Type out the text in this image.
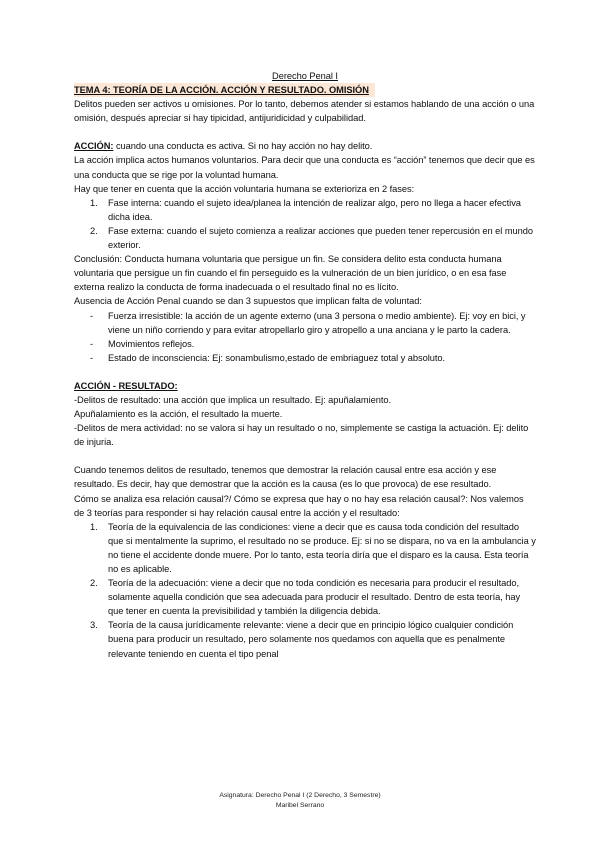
Derecho Penal I

TEMA 4: TEORÍA DE LA ACCIÓN. ACCIÓN Y RESULTADO. OMISIÓN

Delitos pueden ser activos u omisiones. Por lo tanto, debemos atender si estamos hablando de una acción o una omisión, después apreciar si hay tipicidad, antijuridicidad y culpabilidad.

ACCIÓN: cuando una conducta es activa. Si no hay acción no hay delito.

La acción implica actos humanos voluntarios. Para decir que una conducta es “acción” tenemos que decir que es una conducta que se rige por la voluntad humana.

Hay que tener en cuenta que la acción voluntaria humana se exterioriza en 2 fases:

1. Fase interna: cuando el sujeto idea/planea la intención de realizar algo, pero no llega a hacer efectiva dicha idea.
2. Fase externa: cuando el sujeto comienza a realizar acciones que pueden tener repercusión en el mundo exterior.

Conclusión: Conducta humana voluntaria que persigue un fin. Se considera delito esta conducta humana voluntaria que persigue un fin cuando el fin perseguido es la vulneración de un bien jurídico, o en esa fase externa realizo la conducta de forma inadecuada o el resultado final no es lícito.

Ausencia de Acción Penal cuando se dan 3 supuestos que implican falta de voluntad:

- Fuerza irresistible: la acción de un agente externo (una 3 persona o medio ambiente). Ej: voy en bici, y viene un niño corriendo y para evitar atropellarlo giro y atropello a una anciana y le parto la cadera.
- Movimientos reflejos.
- Estado de inconsciencia: Ej: sonambulismo,estado de embriaguez total y absoluto.

ACCIÓN - RESULTADO:

-Delitos de resultado: una acción que implica un resultado. Ej: apuñalamiento.

Apuñalamiento es la acción, el resultado la muerte.

-Delitos de mera actividad: no se valora si hay un resultado o no, simplemente se castiga la actuación. Ej: delito de injuria.

Cuando tenemos delitos de resultado, tenemos que demostrar la relación causal entre esa acción y ese resultado. Es decir, hay que demostrar que la acción es la causa (es lo que provoca) de ese resultado.

Cómo se analiza esa relación causal?/ Cómo se expresa que hay o no hay esa relación causal?: Nos valemos de 3 teorías para responder si hay relación causal entre la acción y el resultado:

1. Teoría de la equivalencia de las condiciones: viene a decir que es causa toda condición del resultado que si mentalmente la suprimo, el resultado no se produce. Ej: si no se dispara, no va en la ambulancia y no tiene el accidente donde muere. Por lo tanto, esta teoría diría que el disparo es la causa. Esta teoría no es aplicable.
2. Teoría de la adecuación: viene a decir que no toda condición es necesaria para producir el resultado, solamente aquella condición que sea adecuada para producir el resultado. Dentro de esta teoría, hay que tener en cuenta la previsibilidad y también la diligencia debida.
3. Teoría de la causa jurídicamente relevante: viene a decir que en principio lógico cualquier condición buena para producir un resultado, pero solamente nos quedamos con aquella que es penalmente relevante teniendo en cuenta el tipo penal
Asignatura: Derecho Penal I (2 Derecho, 3 Semestre)
Maribel Serrano
